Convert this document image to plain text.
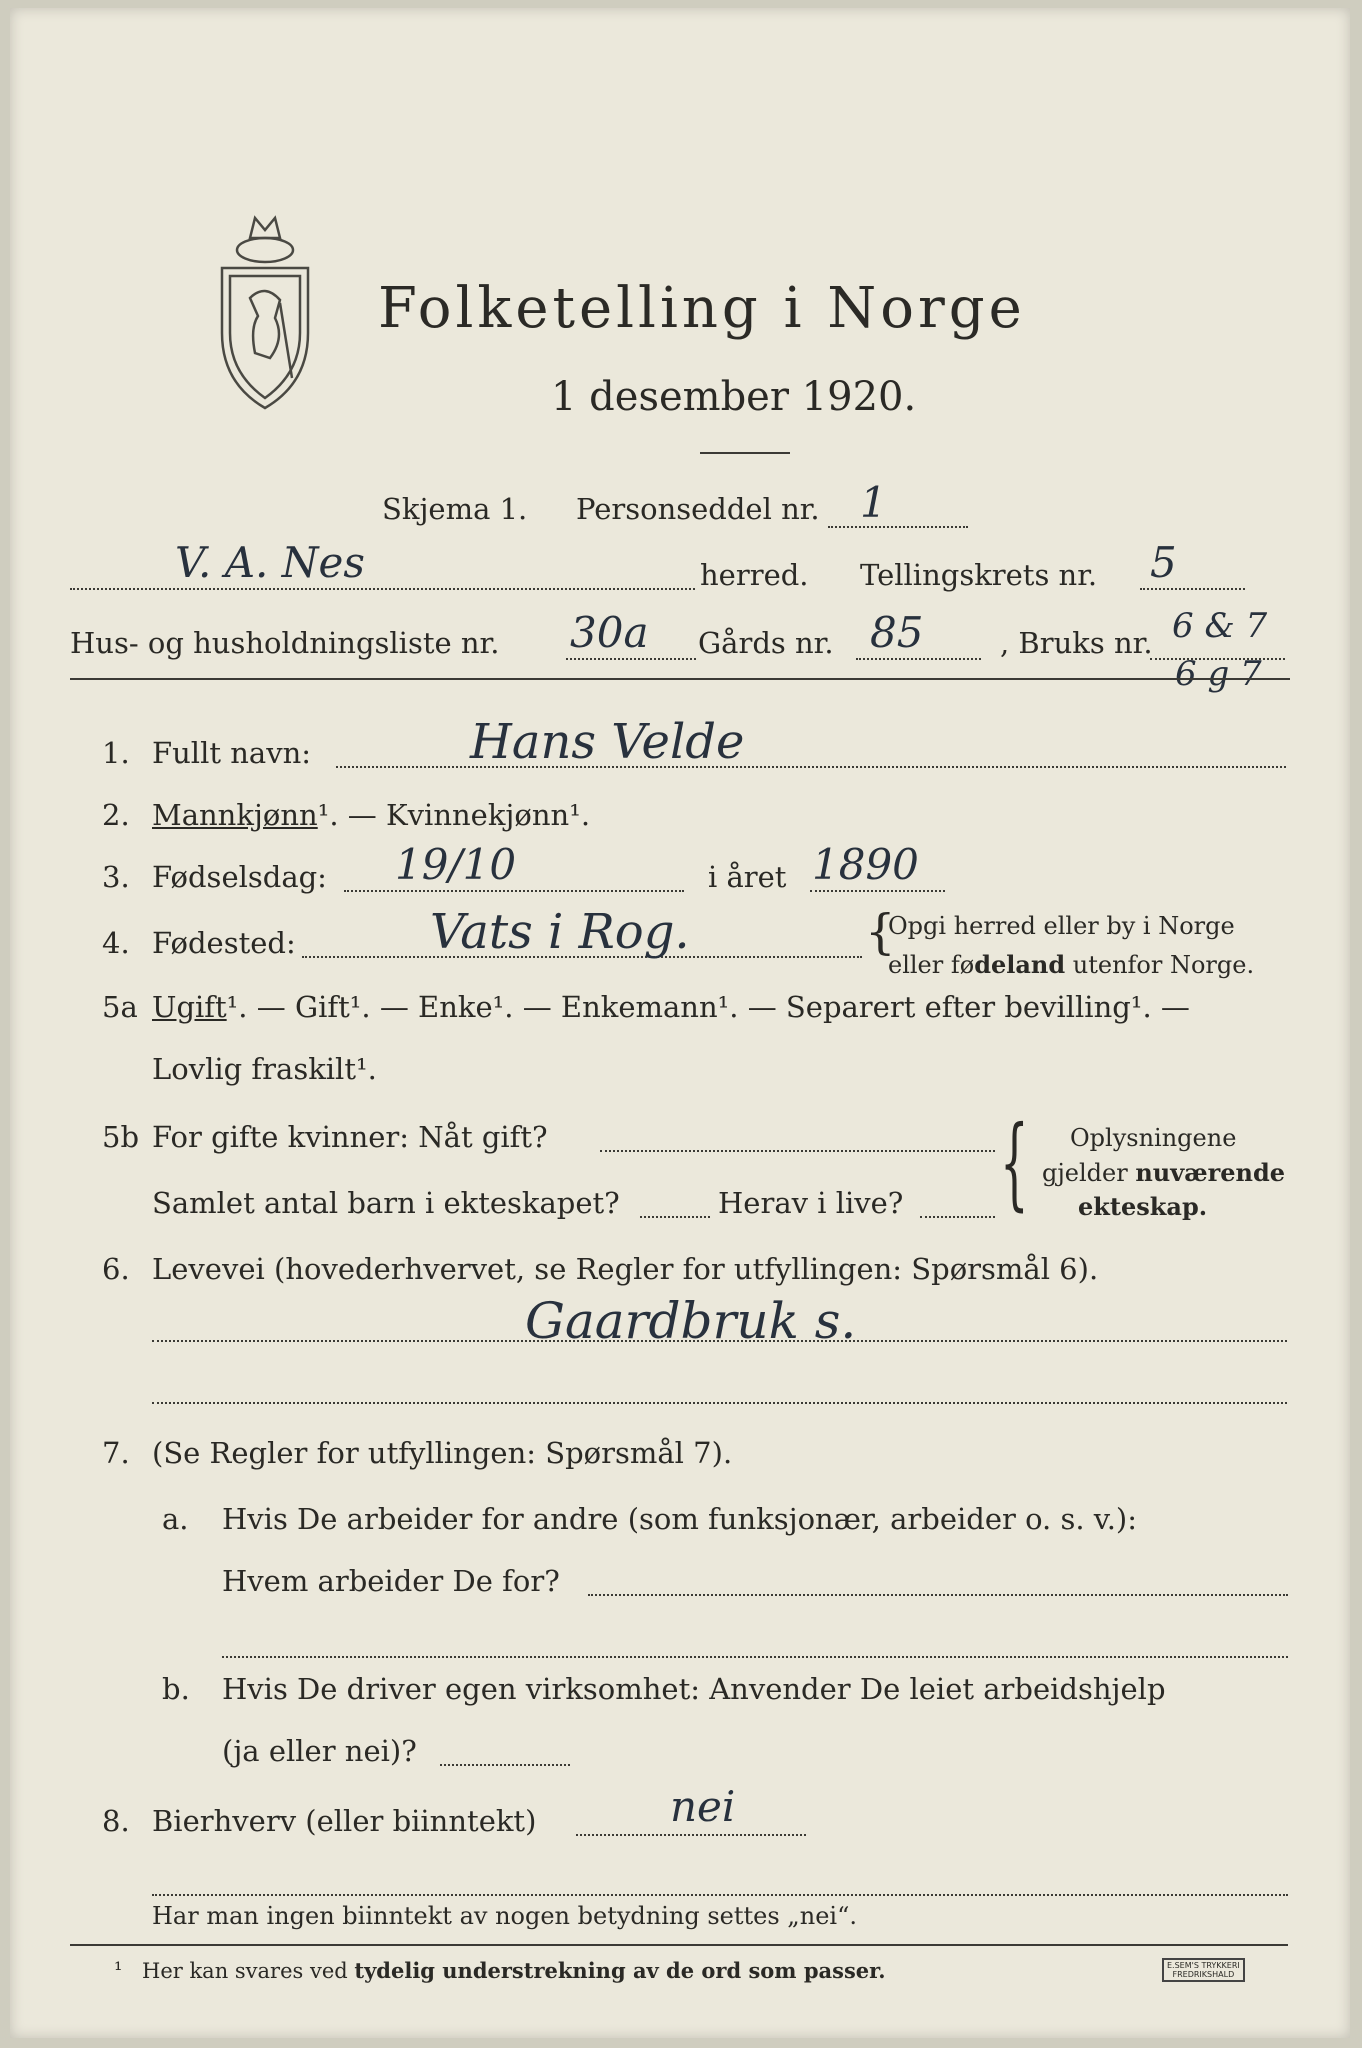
Folketelling i Norge
1 desember 1920.
Skjema 1. Personseddel nr. 1
V. A. Nes	herred. Tellingskrets nr. 5
Hus- og husholdningsliste nr. 30a Gårds nr. 85	, Bruks nr. 6 & 7
6 g 7
1. Fullt navn:	Hans Velde
2. Mannkjønn¹. — Kvinnekjønn¹.
3. Fødselsdag: 19/10	i året 1890
4. Fødested:	Vats i Rog.	{
Opgi herred eller by i Norge
eller fødeland utenfor Norge.
5a Ugift¹. — Gift¹. — Enke¹. — Enkemann¹. — Separert efter bevilling¹. —
Lovlig fraskilt¹.
5b For gifte kvinner: Nåt gift?
Samlet antal barn i ekteskapet?	Herav i live? { Oplysningene
gjelder nuværende
ekteskap.
6. Levevei (hovederhvervet, se Regler for utfyllingen: Spørsmål 6).
Gaardbruk s.
7. (Se Regler for utfyllingen: Spørsmål 7).
a. Hvis De arbeider for andre (som funksjonær, arbeider o. s. v.):
Hvem arbeider De for?
b. Hvis De driver egen virksomhet: Anvender De leiet arbeidshjelp
(ja eller nei)?
8. Bierhverv (eller biinntekt)	nei
Har man ingen biinntekt av nogen betydning settes „nei“.
¹ Her kan svares ved tydelig understrekning av de ord som passer.	E.SEM'S TRYKKERI
FREDRIKSHALD
